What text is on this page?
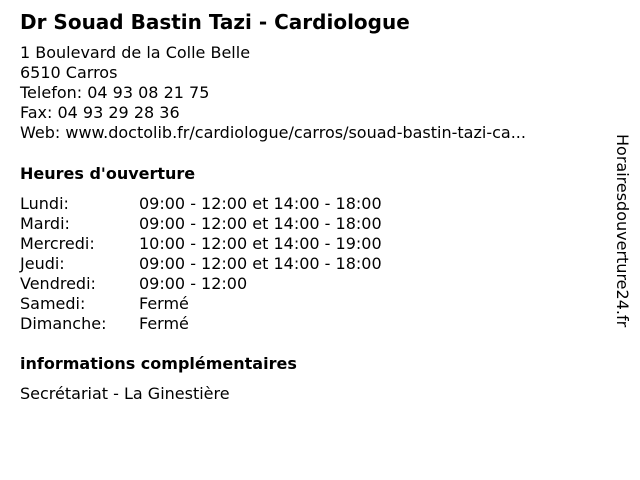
Dr Souad Bastin Tazi - Cardiologue
1 Boulevard de la Colle Belle
6510 Carros
Telefon: 04 93 08 21 75
Fax: 04 93 29 28 36
Web: www.doctolib.fr/cardiologue/carros/souad-bastin-tazi-ca...
Heures d'ouverture
Lundi:	09:00 - 12:00 et 14:00 - 18:00
Mardi:	09:00 - 12:00 et 14:00 - 18:00
Mercredi:	10:00 - 12:00 et 14:00 - 19:00
Jeudi:	09:00 - 12:00 et 14:00 - 18:00
Vendredi:	09:00 - 12:00
Samedi:	Fermé
Dimanche:	Fermé
informations complémentaires
Secrétariat - La Ginestière
Horairesdouverture24.fr
